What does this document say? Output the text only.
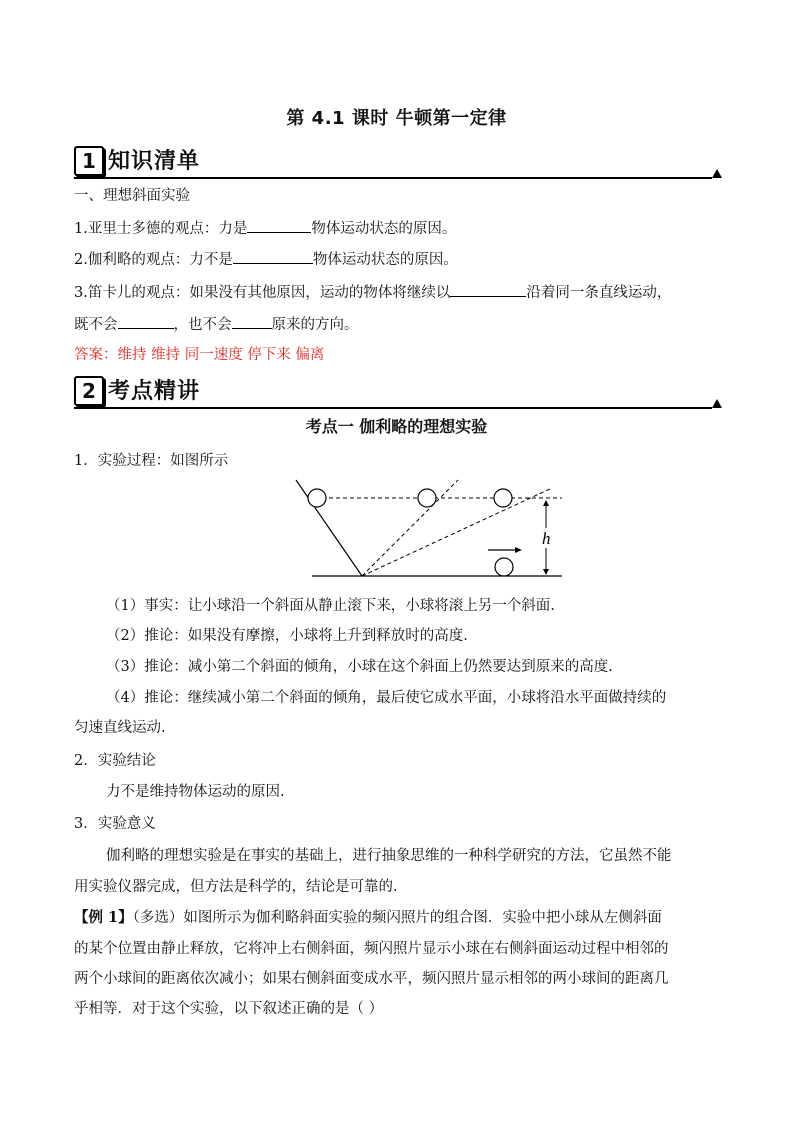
第 4.1 课时 牛顿第一定律
1 知识清单
一、理想斜面实验
1.亚里士多德的观点：力是	物体运动状态的原因。
2.伽利略的观点：力不是	物体运动状态的原因。
3.笛卡儿的观点：如果没有其他原因，运动的物体将继续以	沿着同一条直线运动，
既不会	，也不会	原来的方向。
答案：维持 维持 同一速度 停下来 偏离
2 考点精讲
考点一 伽利略的理想实验
1．实验过程：如图所示
h
（1）事实：让小球沿一个斜面从静止滚下来，小球将滚上另一个斜面.
（2）推论：如果没有摩擦，小球将上升到释放时的高度.
（3）推论：减小第二个斜面的倾角，小球在这个斜面上仍然要达到原来的高度.
（4）推论：继续减小第二个斜面的倾角，最后使它成水平面，小球将沿水平面做持续的
匀速直线运动.
2．实验结论
力不是维持物体运动的原因.
3．实验意义
伽利略的理想实验是在事实的基础上，进行抽象思维的一种科学研究的方法，它虽然不能
用实验仪器完成，但方法是科学的，结论是可靠的.
【例 1】（多选）如图所示为伽利略斜面实验的频闪照片的组合图．实验中把小球从左侧斜面
的某个位置由静止释放，它将冲上右侧斜面，频闪照片显示小球在右侧斜面运动过程中相邻的
两个小球间的距离依次减小；如果右侧斜面变成水平，频闪照片显示相邻的两小球间的距离几
乎相等．对于这个实验，以下叙述正确的是（ ）
